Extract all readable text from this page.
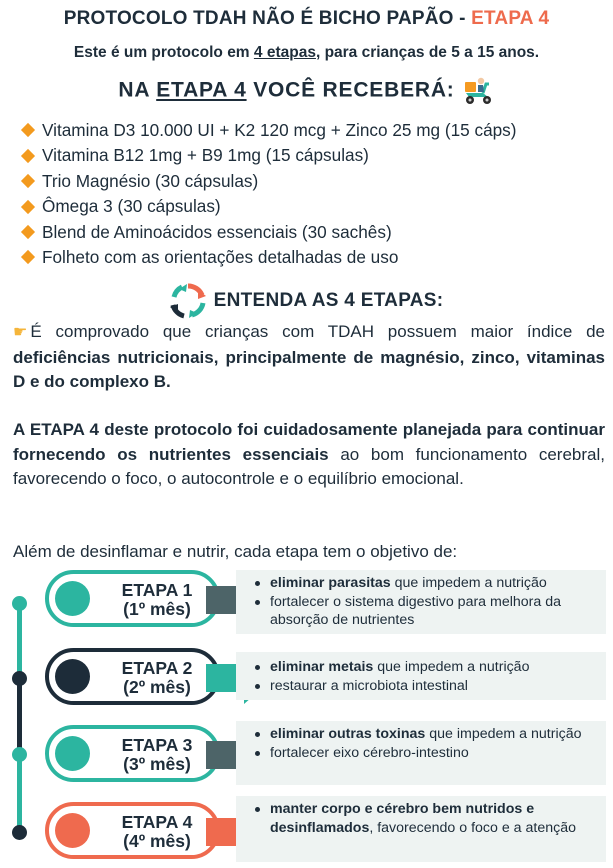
PROTOCOLO TDAH NÃO É BICHO PAPÃO - ETAPA 4
Este é um protocolo em 4 etapas, para crianças de 5 a 15 anos.
NA ETAPA 4 VOCÊ RECEBERÁ:
Vitamina D3 10.000 UI + K2 120 mcg + Zinco 25 mg (15 cáps)
Vitamina B12 1mg + B9 1mg (15 cápsulas)
Trio Magnésio (30 cápsulas)
Ômega 3 (30 cápsulas)
Blend de Aminoácidos essenciais (30 sachês)
Folheto com as orientações detalhadas de uso
ENTENDA AS 4 ETAPAS:
☛ É comprovado que crianças com TDAH possuem maior índice de deficiências nutricionais, principalmente de magnésio, zinco, vitaminas D e do complexo B.
A ETAPA 4 deste protocolo foi cuidadosamente planejada para continuar fornecendo os nutrientes essenciais ao bom funcionamento cerebral, favorecendo o foco, o autocontrole e o equilíbrio emocional.
Além de desinflamar e nutrir, cada etapa tem o objetivo de:
ETAPA 1
(1º mês)
eliminar parasitas que impedem a nutrição
fortalecer o sistema digestivo para melhora da absorção de nutrientes
ETAPA 2
(2º mês)
eliminar metais que impedem a nutrição
restaurar a microbiota intestinal
ETAPA 3
(3º mês)
eliminar outras toxinas que impedem a nutrição
fortalecer eixo cérebro-intestino
ETAPA 4
(4º mês)
manter corpo e cérebro bem nutridos e desinflamados, favorecendo o foco e a atenção
